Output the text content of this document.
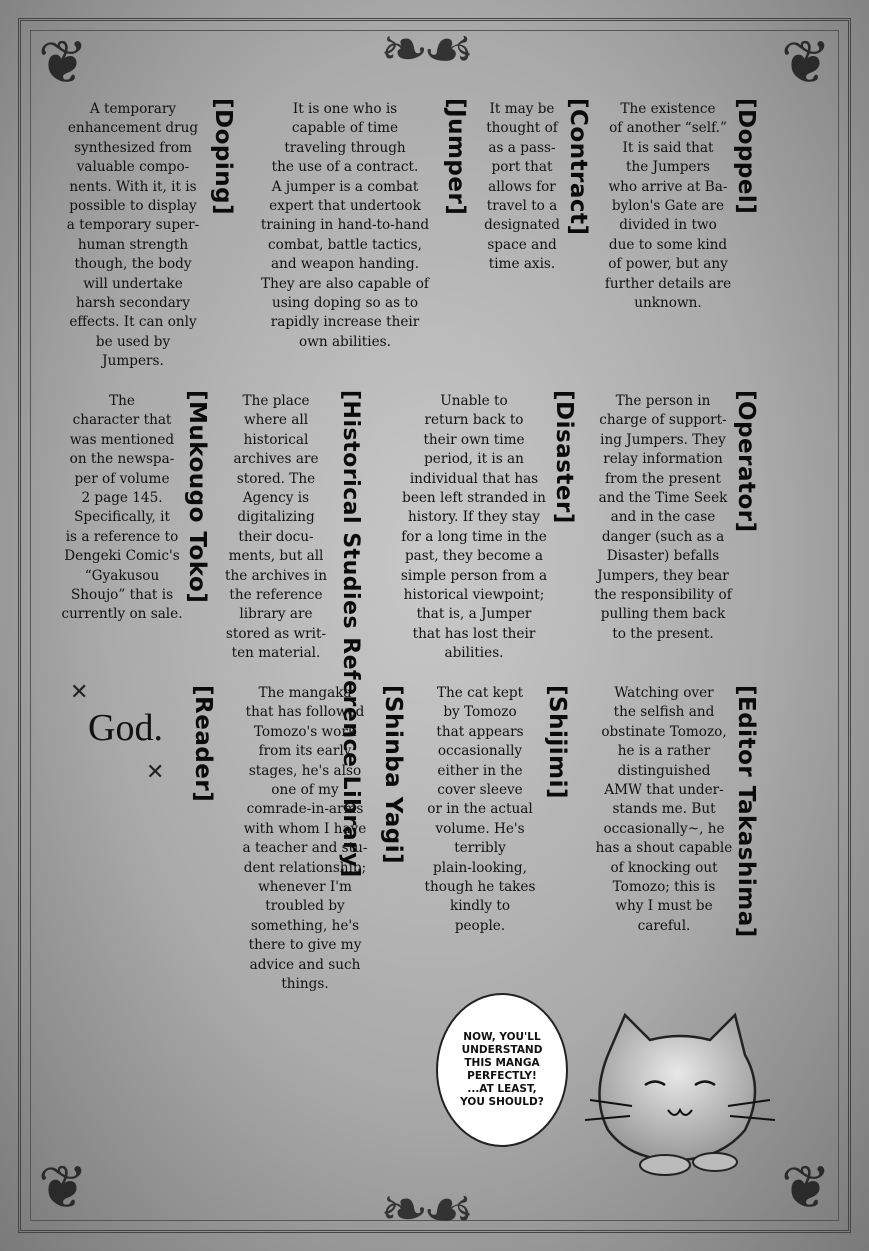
❦	❦
❦	❦
❧☙
❧☙
[Doppel]
The existence
of another “self.”
It is said that
the Jumpers
who arrive at Ba-
bylon's Gate are
divided in two
due to some kind
of power, but any
further details are
unknown.
[Contract]
It may be
thought of
as a pass-
port that
allows for
travel to a
designated
space and
time axis.
[Jumper]
It is one who is
capable of time
traveling through
the use of a contract.
A jumper is a combat
expert that undertook
training in hand-to-hand
combat, battle tactics,
and weapon handing.
They are also capable of
using doping so as to
rapidly increase their
own abilities.
[Doping]
A temporary
enhancement drug
synthesized from
valuable compo-
nents. With it, it is
possible to display
a temporary super-
human strength
though, the body
will undertake
harsh secondary
effects. It can only
be used by
Jumpers.
[Operator]
The person in
charge of support-
ing Jumpers. They
relay information
from the present
and the Time Seek
and in the case
danger (such as a
Disaster) befalls
Jumpers, they bear
the responsibility of
pulling them back
to the present.
[Disaster]
Unable to
return back to
their own time
period, it is an
individual that has
been left stranded in
history. If they stay
for a long time in the
past, they become a
simple person from a
historical viewpoint;
that is, a Jumper
that has lost their
abilities.
[Historical Studies Reference Library]
The place
where all
historical
archives are
stored. The
Agency is
digitalizing
their docu-
ments, but all
the archives in
the reference
library are
stored as writ-
ten material.
[Mukougo Toko]
The
character that
was mentioned
on the newspa-
per of volume
2 page 145.
Specifically, it
is a reference to
Dengeki Comic's
“Gyakusou
Shoujo” that is
currently on sale.
[Editor Takashima]
Watching over
the selfish and
obstinate Tomozo,
he is a rather
distinguished
AMW that under-
stands me. But
occasionally~, he
has a shout capable
of knocking out
Tomozo; this is
why I must be
careful.
[Shijimi]
The cat kept
by Tomozo
that appears
occasionally
either in the
cover sleeve
or in the actual
volume. He's
terribly
plain-looking,
though he takes
kindly to
people.
[Shinba Yagi]
The mangaka
that has followed
Tomozo's work
from its early
stages, he's also
one of my
comrade-in-arms
with whom I have
a teacher and stu-
dent relationship;
whenever I'm
troubled by
something, he's
there to give my
advice and such
things.
[Reader]
God.
✕
✕
NOW, YOU'LL
UNDERSTAND
THIS MANGA
PERFECTLY!
...AT LEAST,
YOU SHOULD?
